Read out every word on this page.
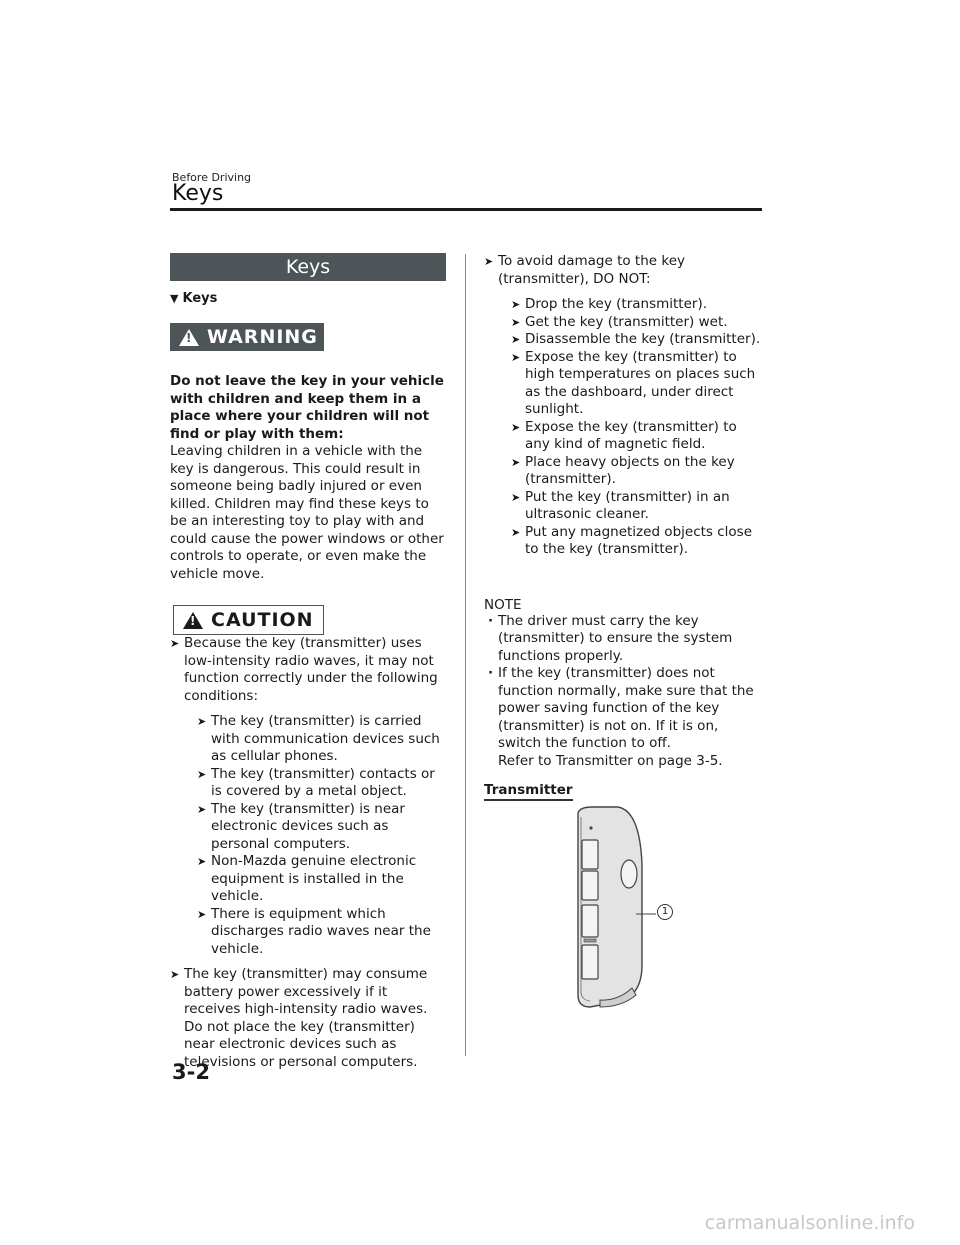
Before Driving
Keys
Keys
▼ Keys
!
WARNING
Do not leave the key in your vehicle with children and keep them in a place where your children will not find or play with them:
Leaving children in a vehicle with the key is dangerous. This could result in someone being badly injured or even killed. Children may find these keys to be an interesting toy to play with and could cause the power windows or other controls to operate, or even make the vehicle move.
!
CAUTION
➤ Because the key (transmitter) uses low-intensity radio waves, it may not function correctly under the following conditions:
➤ The key (transmitter) is carried with communication devices such as cellular phones.
➤ The key (transmitter) contacts or is covered by a metal object.
➤ The key (transmitter) is near electronic devices such as personal computers.
➤ Non-Mazda genuine electronic equipment is installed in the vehicle.
➤ There is equipment which discharges radio waves near the vehicle.
➤ The key (transmitter) may consume battery power excessively if it receives high-intensity radio waves. Do not place the key (transmitter) near electronic devices such as televisions or personal computers.
➤ To avoid damage to the key (transmitter), DO NOT:
➤ Drop the key (transmitter).
➤ Get the key (transmitter) wet.
➤ Disassemble the key (transmitter).
➤ Expose the key (transmitter) to high temperatures on places such as the dashboard, under direct sunlight.
➤ Expose the key (transmitter) to any kind of magnetic field.
➤ Place heavy objects on the key (transmitter).
➤ Put the key (transmitter) in an ultrasonic cleaner.
➤ Put any magnetized objects close to the key (transmitter).
NOTE
· The driver must carry the key (transmitter) to ensure the system functions properly.
· If the key (transmitter) does not function normally, make sure that the power saving function of the key (transmitter) is not on. If it is on, switch the function to off.
Refer to Transmitter on page 3-5.
Transmitter
1
3-2
carmanualsonline.info
